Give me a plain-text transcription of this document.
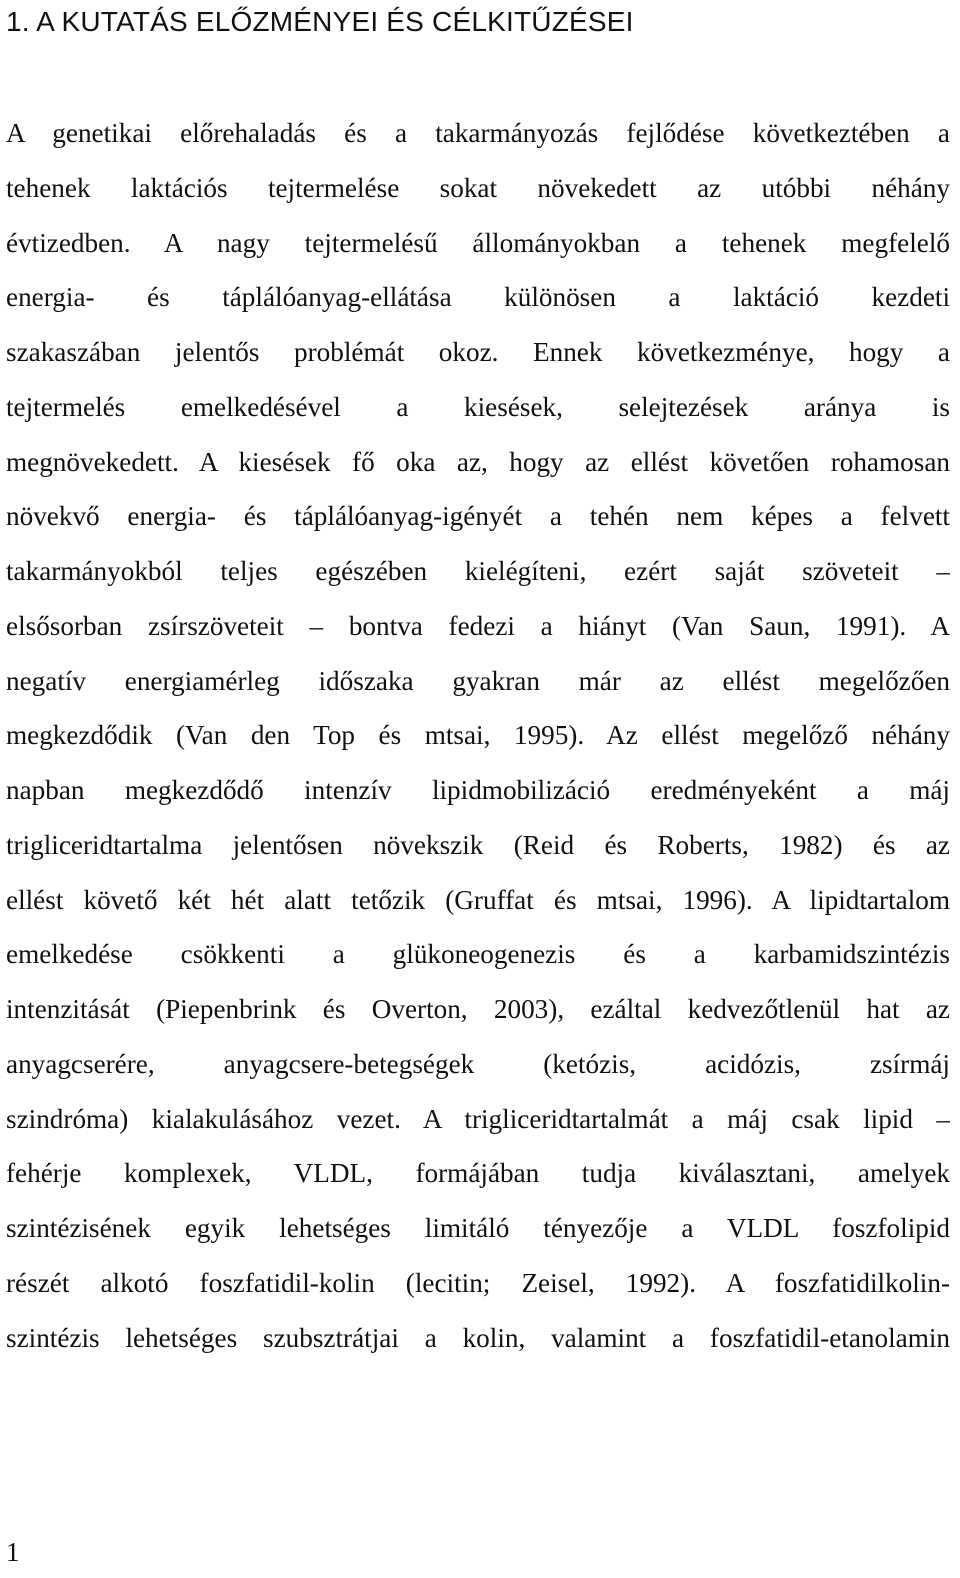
1. A KUTATÁS ELŐZMÉNYEI ÉS CÉLKITŰZÉSEI
A genetikai előrehaladás és a takarmányozás fejlődése következtében a
tehenek laktációs tejtermelése sokat növekedett az utóbbi néhány
évtizedben. A nagy tejtermelésű állományokban a tehenek megfelelő
energia- és táplálóanyag-ellátása különösen a laktáció kezdeti
szakaszában jelentős problémát okoz. Ennek következménye, hogy a
tejtermelés emelkedésével a kiesések, selejtezések aránya is
megnövekedett. A kiesések fő oka az, hogy az ellést követően rohamosan
növekvő energia- és táplálóanyag-igényét a tehén nem képes a felvett
takarmányokból teljes egészében kielégíteni, ezért saját szöveteit –
elsősorban zsírszöveteit – bontva fedezi a hiányt (Van Saun, 1991). A
negatív energiamérleg időszaka gyakran már az ellést megelőzően
megkezdődik (Van den Top és mtsai, 1995). Az ellést megelőző néhány
napban megkezdődő intenzív lipidmobilizáció eredményeként a máj
trigliceridtartalma jelentősen növekszik (Reid és Roberts, 1982) és az
ellést követő két hét alatt tetőzik (Gruffat és mtsai, 1996). A lipidtartalom
emelkedése csökkenti a glükoneogenezis és a karbamidszintézis
intenzitását (Piepenbrink és Overton, 2003), ezáltal kedvezőtlenül hat az
anyagcserére, anyagcsere-betegségek (ketózis, acidózis, zsírmáj
szindróma) kialakulásához vezet. A trigliceridtartalmát a máj csak lipid –
fehérje komplexek, VLDL, formájában tudja kiválasztani, amelyek
szintézisének egyik lehetséges limitáló tényezője a VLDL foszfolipid
részét alkotó foszfatidil-kolin (lecitin; Zeisel, 1992). A foszfatidilkolin-
szintézis lehetséges szubsztrátjai a kolin, valamint a foszfatidil-etanolamin
1
